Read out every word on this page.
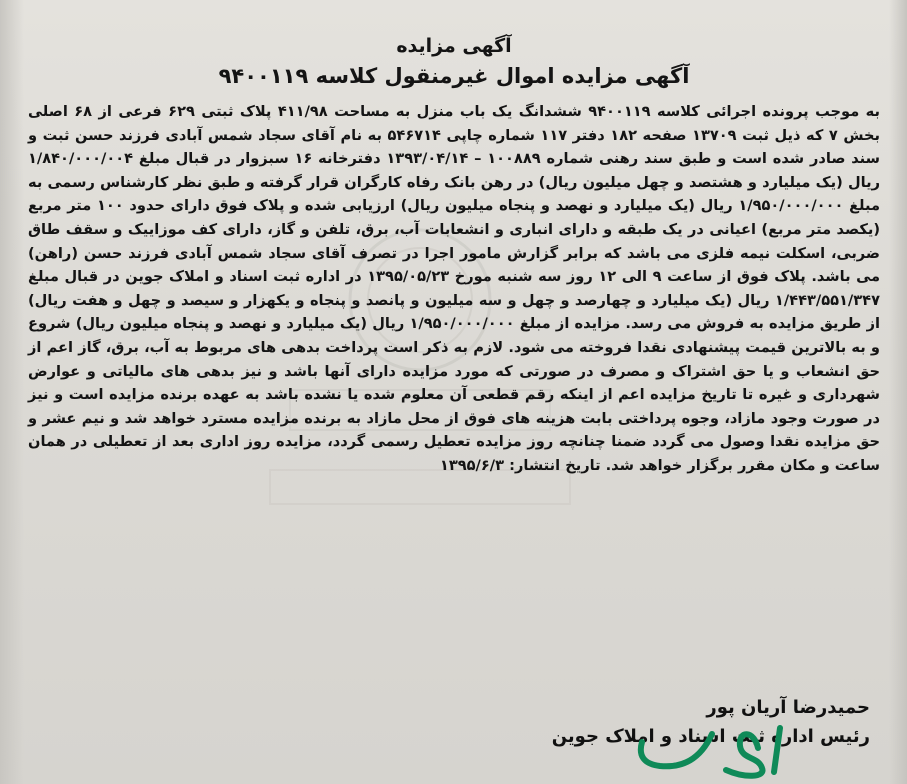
آگهی مزایده
آگهی مزایده اموال غیرمنقول کلاسه ۹۴۰۰۱۱۹

به موجب پرونده اجرائی کلاسه ۹۴۰۰۱۱۹ ششدانگ یک باب منزل به مساحت ۴۱۱/۹۸ پلاک ثبتی ۶۲۹ فرعی از ۶۸ اصلی بخش ۷ که ذیل ثبت ۱۳۷۰۹ صفحه ۱۸۲ دفتر ۱۱۷ شماره چاپی ۵۴۶۷۱۴ به نام آقای سجاد شمس آبادی فرزند حسن ثبت و سند صادر شده است و طبق سند رهنی شماره ۱۰۰۸۸۹ – ۱۳۹۳/۰۴/۱۴ دفترخانه ۱۶ سبزوار در قبال مبلغ ۱/۸۴۰/۰۰۰/۰۰۴ ریال (یک میلیارد و هشتصد و چهل میلیون ریال) در رهن بانک رفاه کارگران قرار گرفته و طبق نظر کارشناس رسمی به مبلغ ۱/۹۵۰/۰۰۰/۰۰۰ ریال (یک میلیارد و نهصد و پنجاه میلیون ریال) ارزیابی شده و پلاک فوق دارای حدود ۱۰۰ متر مربع (یکصد متر مربع) اعیانی در یک طبقه و دارای انباری و انشعابات آب، برق، تلفن و گاز، دارای کف موزاییک و سقف طاق ضربی، اسکلت نیمه فلزی می باشد که برابر گزارش مامور اجرا در تصرف آقای سجاد شمس آبادی فرزند حسن (راهن) می باشد. پلاک فوق از ساعت ۹ الی ۱۲ روز سه شنبه مورخ ۱۳۹۵/۰۵/۲۳ در اداره ثبت اسناد و املاک جوین در قبال مبلغ ۱/۴۴۳/۵۵۱/۳۴۷ ریال (یک میلیارد و چهارصد و چهل و سه میلیون و پانصد و پنجاه و یکهزار و سیصد و چهل و هفت ریال) از طریق مزایده به فروش می رسد. مزایده از مبلغ ۱/۹۵۰/۰۰۰/۰۰۰ ریال (یک میلیارد و نهصد و پنجاه میلیون ریال) شروع و به بالاترین قیمت پیشنهادی نقدا فروخته می شود. لازم به ذکر است پرداخت بدهی های مربوط به آب، برق، گاز اعم از حق انشعاب و یا حق اشتراک و مصرف در صورتی که مورد مزایده دارای آنها باشد و نیز بدهی های مالیاتی و عوارض شهرداری و غیره تا تاریخ مزایده اعم از اینکه رقم قطعی آن معلوم شده یا نشده باشد به عهده برنده مزایده است و نیز در صورت وجود مازاد، وجوه پرداختی بابت هزینه های فوق از محل مازاد به برنده مزایده مسترد خواهد شد و نیم عشر و حق مزایده نقدا وصول می گردد ضمنا چنانچه روز مزایده تعطیل رسمی گردد، مزایده روز اداری بعد از تعطیلی در همان ساعت و مکان مقرر برگزار خواهد شد. تاریخ انتشار: ۱۳۹۵/۶/۳

حمیدرضا آریان پور
رئیس اداره ثبت اسناد و املاک جوین
